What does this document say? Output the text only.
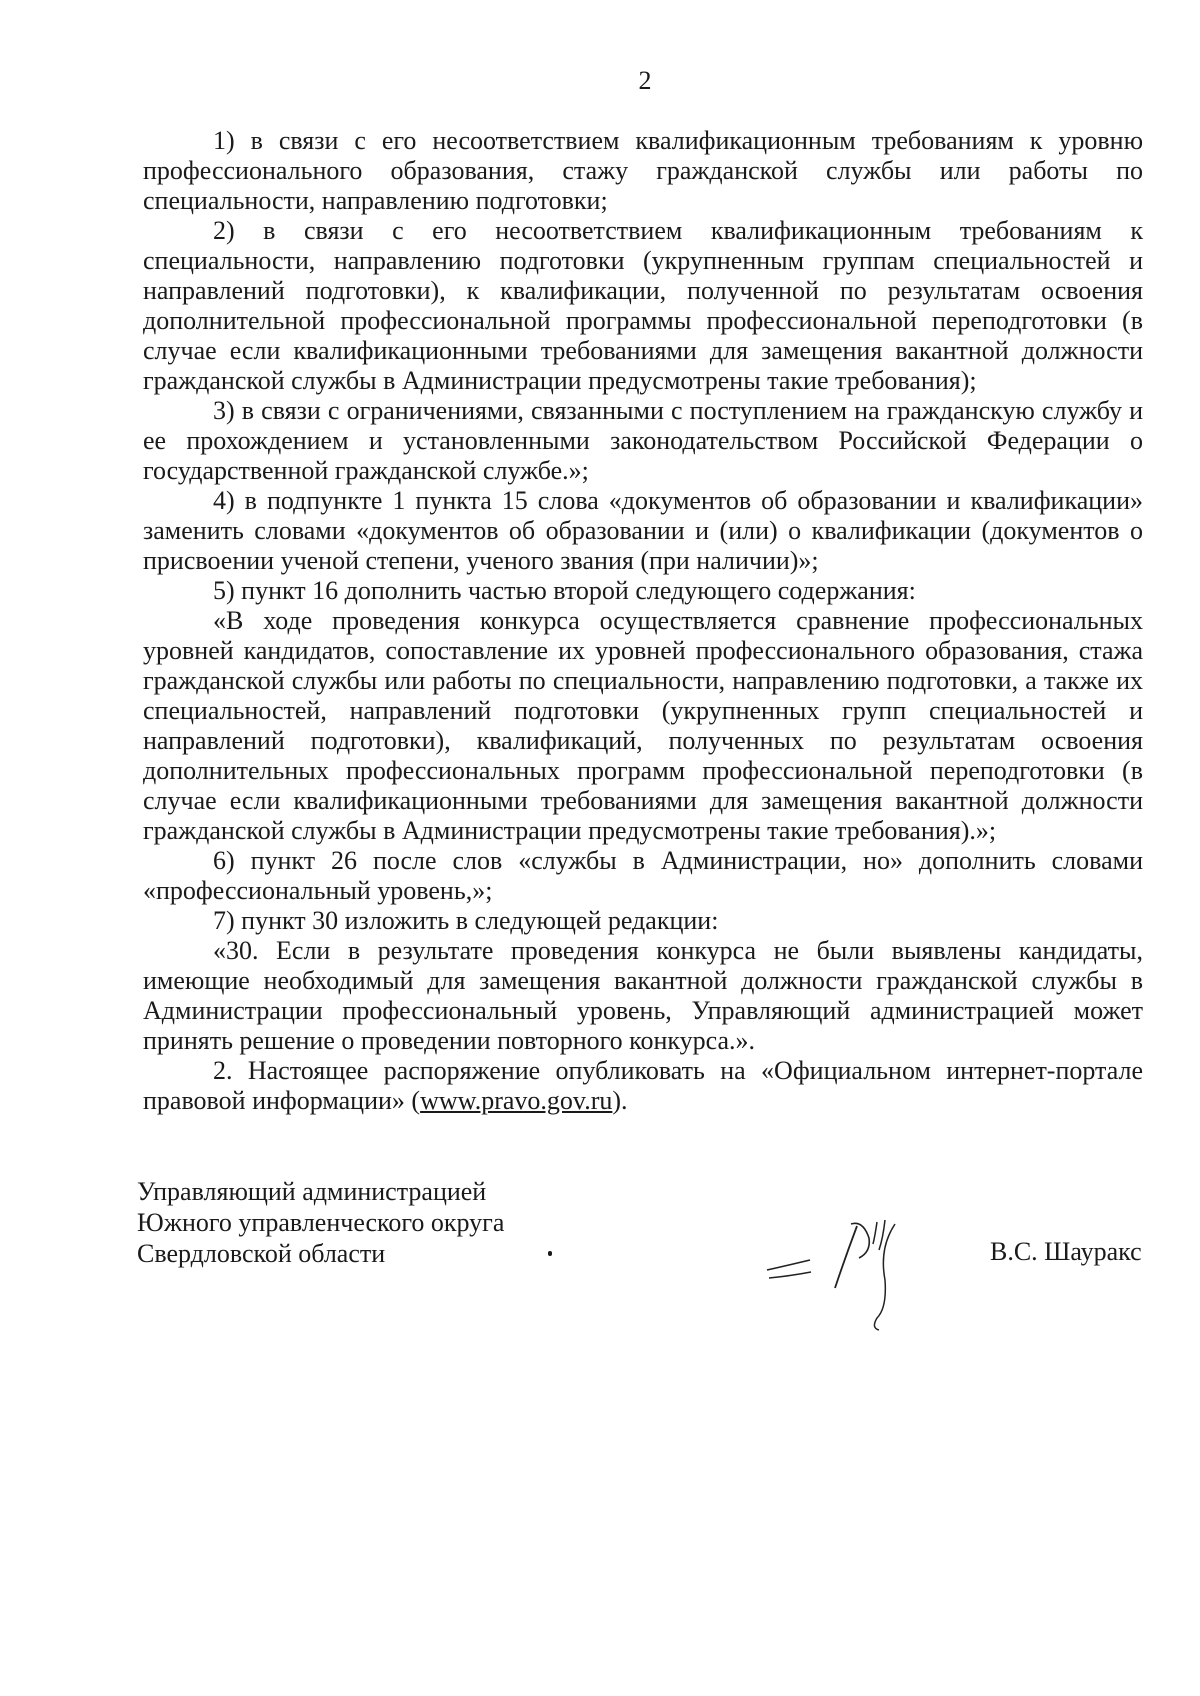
2

1) в связи с его несоответствием квалификационным требованиям к уровню профессионального образования, стажу гражданской службы или работы по специальности, направлению подготовки;

2) в связи с его несоответствием квалификационным требованиям к специальности, направлению подготовки (укрупненным группам специальностей и направлений подготовки), к квалификации, полученной по результатам освоения дополнительной профессиональной программы профессиональной переподготовки (в случае если квалификационными требованиями для замещения вакантной должности гражданской службы в Администрации предусмотрены такие требования);

3) в связи с ограничениями, связанными с поступлением на гражданскую службу и ее прохождением и установленными законодательством Российской Федерации о государственной гражданской службе.»;

4) в подпункте 1 пункта 15 слова «документов об образовании и квалификации» заменить словами «документов об образовании и (или) о квалификации (документов о присвоении ученой степени, ученого звания (при наличии)»;

5) пункт 16 дополнить частью второй следующего содержания:

«В ходе проведения конкурса осуществляется сравнение профессиональных уровней кандидатов, сопоставление их уровней профессионального образования, стажа гражданской службы или работы по специальности, направлению подготовки, а также их специальностей, направлений подготовки (укрупненных групп специальностей и направлений подготовки), квалификаций, полученных по результатам освоения дополнительных профессиональных программ профессиональной переподготовки (в случае если квалификационными требованиями для замещения вакантной должности гражданской службы в Администрации предусмотрены такие требования).»;

6) пункт 26 после слов «службы в Администрации, но» дополнить словами «профессиональный уровень,»;

7) пункт 30 изложить в следующей редакции:

«30. Если в результате проведения конкурса не были выявлены кандидаты, имеющие необходимый для замещения вакантной должности гражданской службы в Администрации профессиональный уровень, Управляющий администрацией может принять решение о проведении повторного конкурса.».

2. Настоящее распоряжение опубликовать на «Официальном интернет-портале правовой информации» (www.pravo.gov.ru).

Управляющий администрацией
Южного управленческого округа
Свердловской области	В.С. Шауракс
